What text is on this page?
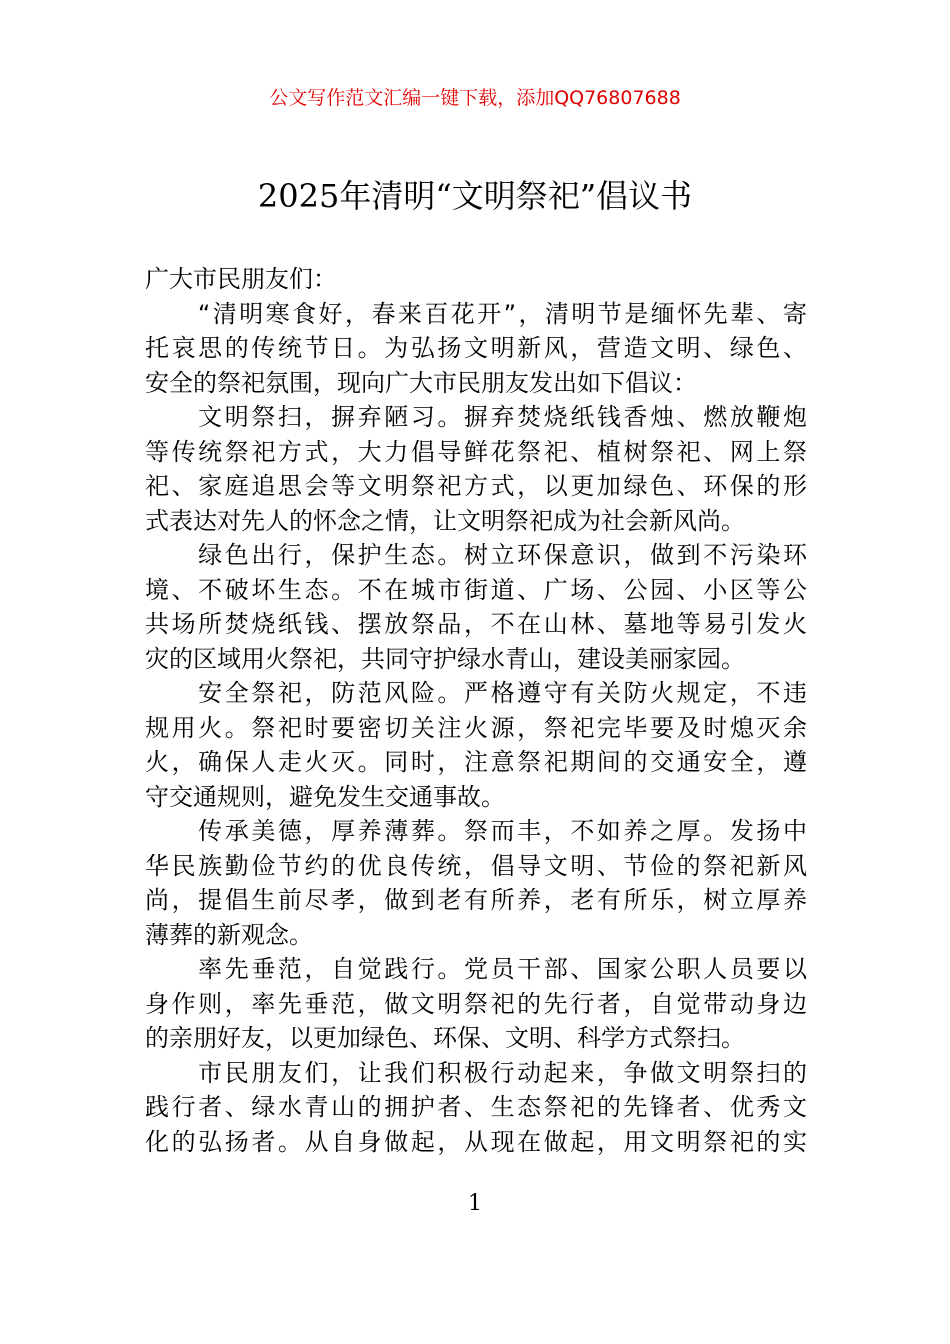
公文写作范文汇编一键下载，添加QQ76807688
2025年清明“文明祭祀”倡议书
广大市民朋友们：
　　“清明寒食好，春来百花开”，清明节是缅怀先辈、寄
托哀思的传统节日。为弘扬文明新风，营造文明、绿色、
安全的祭祀氛围，现向广大市民朋友发出如下倡议：
　　文明祭扫，摒弃陋习。摒弃焚烧纸钱香烛、燃放鞭炮
等传统祭祀方式，大力倡导鲜花祭祀、植树祭祀、网上祭
祀、家庭追思会等文明祭祀方式，以更加绿色、环保的形
式表达对先人的怀念之情，让文明祭祀成为社会新风尚。
　　绿色出行，保护生态。树立环保意识，做到不污染环
境、不破坏生态。不在城市街道、广场、公园、小区等公
共场所焚烧纸钱、摆放祭品，不在山林、墓地等易引发火
灾的区域用火祭祀，共同守护绿水青山，建设美丽家园。
　　安全祭祀，防范风险。严格遵守有关防火规定，不违
规用火。祭祀时要密切关注火源，祭祀完毕要及时熄灭余
火，确保人走火灭。同时，注意祭祀期间的交通安全，遵
守交通规则，避免发生交通事故。
　　传承美德，厚养薄葬。祭而丰，不如养之厚。发扬中
华民族勤俭节约的优良传统，倡导文明、节俭的祭祀新风
尚，提倡生前尽孝，做到老有所养，老有所乐，树立厚养
薄葬的新观念。
　　率先垂范，自觉践行。党员干部、国家公职人员要以
身作则，率先垂范，做文明祭祀的先行者，自觉带动身边
的亲朋好友，以更加绿色、环保、文明、科学方式祭扫。
　　市民朋友们，让我们积极行动起来，争做文明祭扫的
践行者、绿水青山的拥护者、生态祭祀的先锋者、优秀文
化的弘扬者。从自身做起，从现在做起，用文明祭祀的实
1
